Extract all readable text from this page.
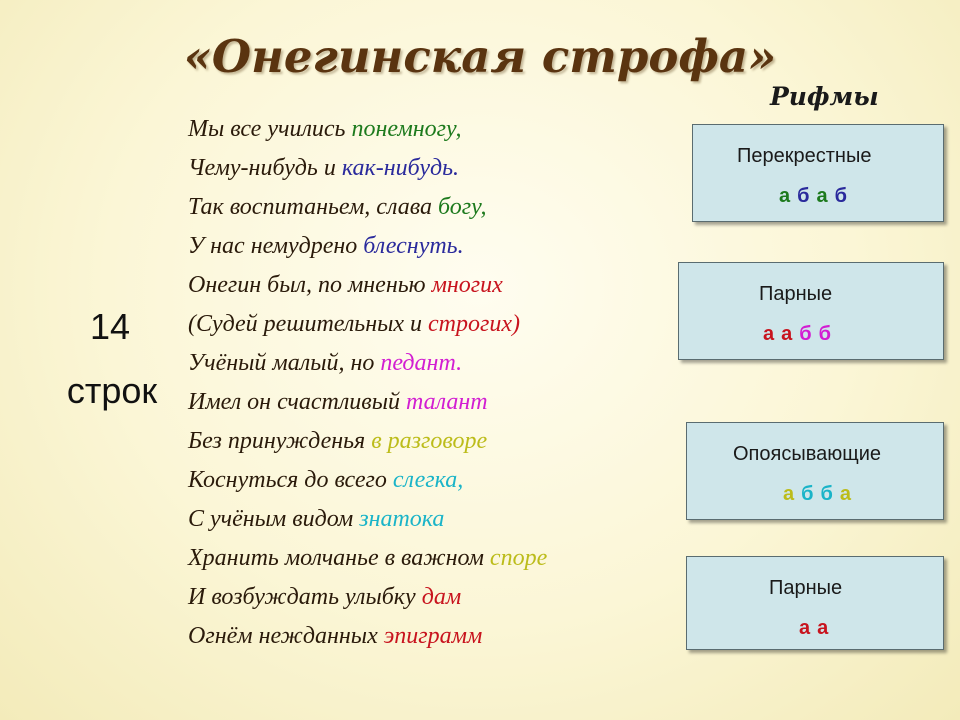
«Онегинская строфа»
Рифмы
14
строк
Мы все учились понемногу,
Чему-нибудь и как-нибудь.
Так воспитаньем, слава богу,
У нас немудрено блеснуть.
Онегин был, по мненью многих
(Судей решительных и строгих)
Учёный малый, но педант.
Имел он счастливый талант
Без принужденья в разговоре
Коснуться до всего слегка,
С учёным видом знатока
Хранить молчанье в важном споре
И возбуждать улыбку дам
Огнём нежданных эпиграмм
Перекрестные
а б а б
Парные
а а б б
Опоясывающие
а б б а
Парные
а а
